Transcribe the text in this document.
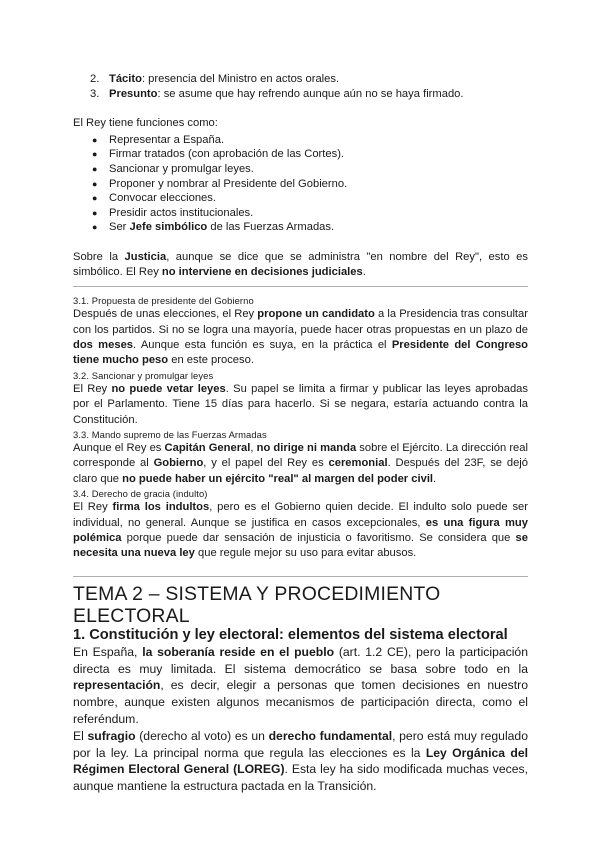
2. Tácito: presencia del Ministro en actos orales.
3. Presunto: se asume que hay refrendo aunque aún no se haya firmado.

El Rey tiene funciones como:

● Representar a España.
● Firmar tratados (con aprobación de las Cortes).
● Sancionar y promulgar leyes.
● Proponer y nombrar al Presidente del Gobierno.
● Convocar elecciones.
● Presidir actos institucionales.
● Ser Jefe simbólico de las Fuerzas Armadas.

Sobre la Justicia, aunque se dice que se administra "en nombre del Rey", esto es simbólico. El Rey no interviene en decisiones judiciales.

3.1. Propuesta de presidente del Gobierno

Después de unas elecciones, el Rey propone un candidato a la Presidencia tras consultar con los partidos. Si no se logra una mayoría, puede hacer otras propuestas en un plazo de dos meses. Aunque esta función es suya, en la práctica el Presidente del Congreso tiene mucho peso en este proceso.

3.2. Sancionar y promulgar leyes

El Rey no puede vetar leyes. Su papel se limita a firmar y publicar las leyes aprobadas por el Parlamento. Tiene 15 días para hacerlo. Si se negara, estaría actuando contra la Constitución.

3.3. Mando supremo de las Fuerzas Armadas

Aunque el Rey es Capitán General, no dirige ni manda sobre el Ejército. La dirección real corresponde al Gobierno, y el papel del Rey es ceremonial. Después del 23F, se dejó claro que no puede haber un ejército "real" al margen del poder civil.

3.4. Derecho de gracia (indulto)

El Rey firma los indultos, pero es el Gobierno quien decide. El indulto solo puede ser individual, no general. Aunque se justifica en casos excepcionales, es una figura muy polémica porque puede dar sensación de injusticia o favoritismo. Se considera que se necesita una nueva ley que regule mejor su uso para evitar abusos.

TEMA 2 – SISTEMA Y PROCEDIMIENTO ELECTORAL

1. Constitución y ley electoral: elementos del sistema electoral

En España, la soberanía reside en el pueblo (art. 1.2 CE), pero la participación directa es muy limitada. El sistema democrático se basa sobre todo en la representación, es decir, elegir a personas que tomen decisiones en nuestro nombre, aunque existen algunos mecanismos de participación directa, como el referéndum.

El sufragio (derecho al voto) es un derecho fundamental, pero está muy regulado por la ley. La principal norma que regula las elecciones es la Ley Orgánica del Régimen Electoral General (LOREG). Esta ley ha sido modificada muchas veces, aunque mantiene la estructura pactada en la Transición.
